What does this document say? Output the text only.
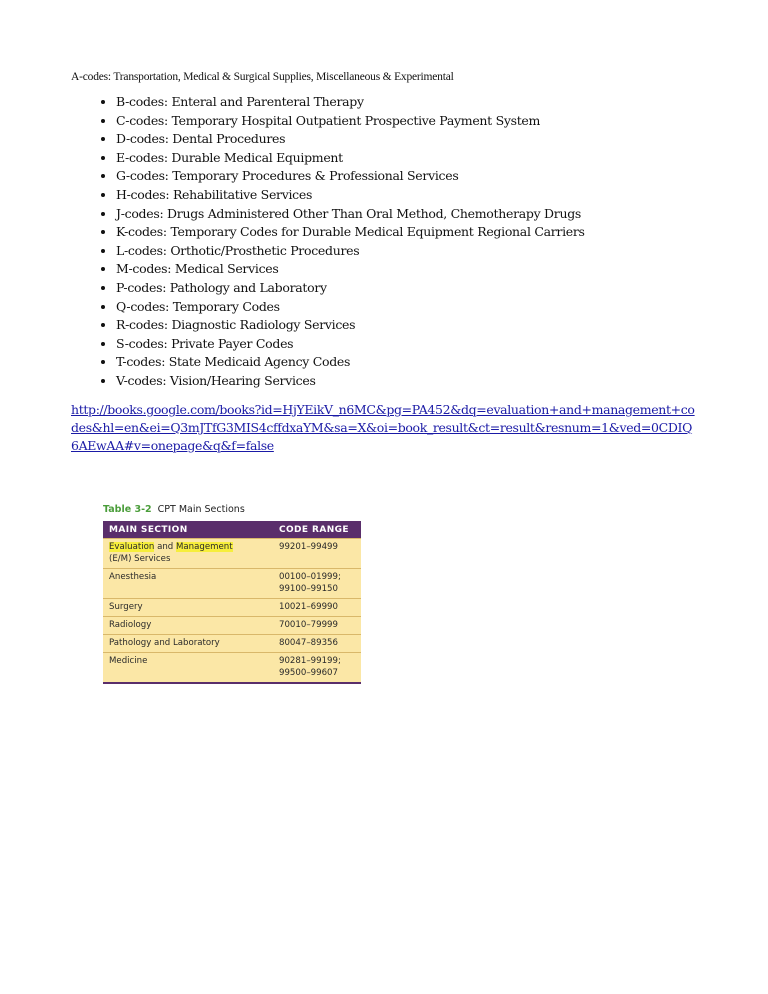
A-codes: Transportation, Medical & Surgical Supplies, Miscellaneous & Experimental
• B-codes: Enteral and Parenteral Therapy
• C-codes: Temporary Hospital Outpatient Prospective Payment System
• D-codes: Dental Procedures
• E-codes: Durable Medical Equipment
• G-codes: Temporary Procedures & Professional Services
• H-codes: Rehabilitative Services
• J-codes: Drugs Administered Other Than Oral Method, Chemotherapy Drugs
• K-codes: Temporary Codes for Durable Medical Equipment Regional Carriers
• L-codes: Orthotic/Prosthetic Procedures
• M-codes: Medical Services
• P-codes: Pathology and Laboratory
• Q-codes: Temporary Codes
• R-codes: Diagnostic Radiology Services
• S-codes: Private Payer Codes
• T-codes: State Medicaid Agency Codes
• V-codes: Vision/Hearing Services
http://books.google.com/books?id=HjYEikV_n6MC&pg=PA452&dq=evaluation+and+management+codes&hl=en&ei=Q3mJTfG3MIS4cffdxaYM&sa=X&oi=book_result&ct=result&resnum=1&ved=0CDIQ6AEwAA#v=onepage&q&f=false
Table 3-2 CPT Main Sections
MAIN SECTION	CODE RANGE
Evaluation and Management
(E/M) Services	99201–99499
Anesthesia	00100–01999;
99100–99150
Surgery	10021–69990
Radiology	70010–79999
Pathology and Laboratory	80047–89356
Medicine	90281–99199;
99500–99607
